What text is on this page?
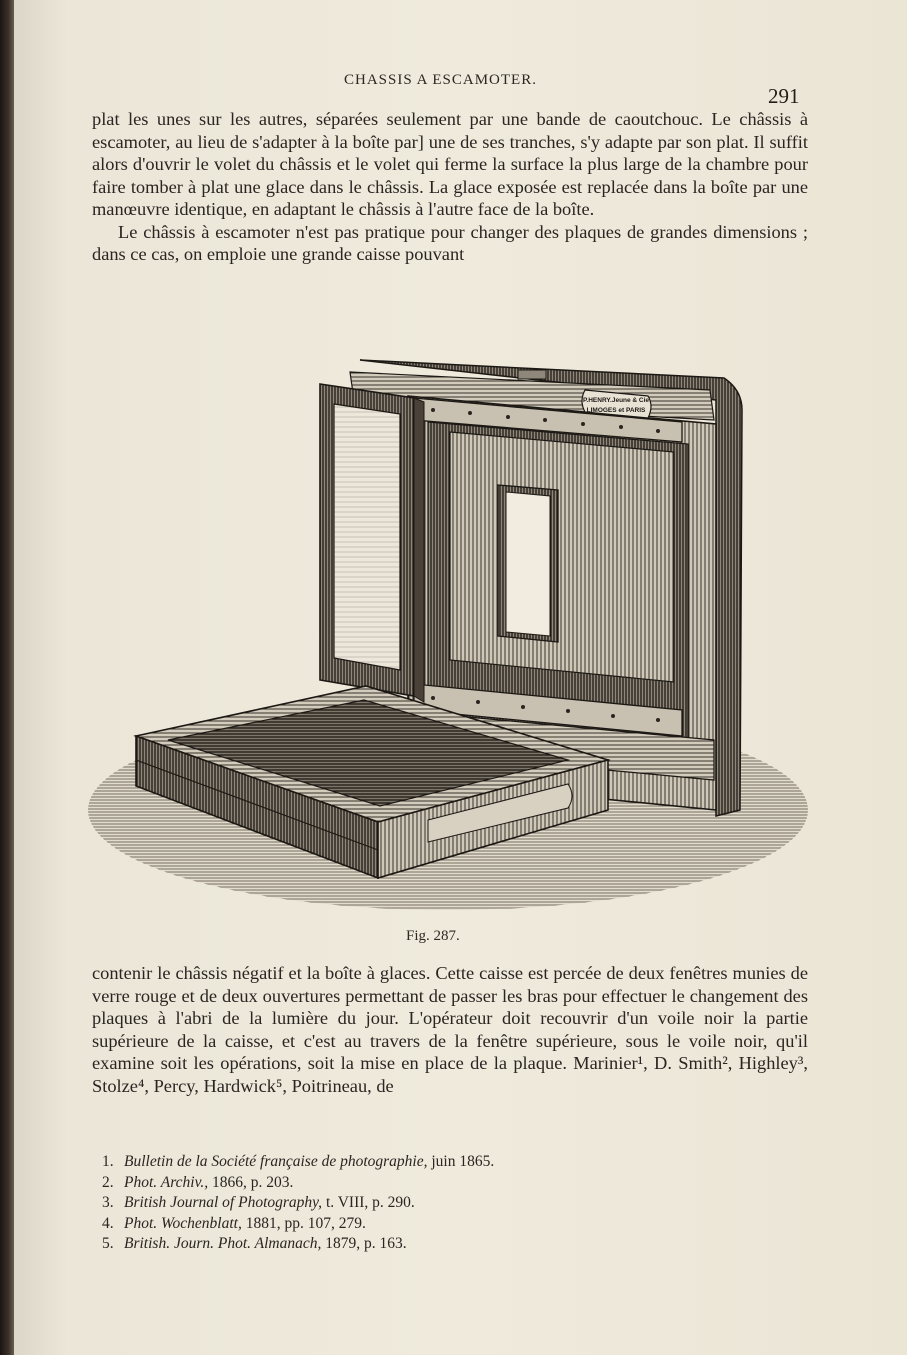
CHASSIS A ESCAMOTER.
291

plat les unes sur les autres, séparées seulement par une bande de caoutchouc. Le châssis à escamoter, au lieu de s'adapter à la boîte par] une de ses tranches, s'y adapte par son plat. Il suffit alors d'ouvrir le volet du châssis et le volet qui ferme la surface la plus large de la chambre pour faire tomber à plat une glace dans le châssis. La glace exposée est replacée dans la boîte par une manœuvre identique, en adaptant le châssis à l'autre face de la boîte.

Le châssis à escamoter n'est pas pratique pour changer des plaques de grandes dimensions ; dans ce cas, on emploie une grande caisse pouvant

P.HENRY.Jeune & Cie
LIMOGES et PARIS
Fig. 287.

contenir le châssis négatif et la boîte à glaces. Cette caisse est percée de deux fenêtres munies de verre rouge et de deux ouvertures permettant de passer les bras pour effectuer le changement des plaques à l'abri de la lumière du jour. L'opérateur doit recouvrir d'un voile noir la partie supérieure de la caisse, et c'est au travers de la fenêtre supérieure, sous le voile noir, qu'il examine soit les opérations, soit la mise en place de la plaque. Marinier¹, D. Smith², Highley³, Stolze⁴, Percy, Hardwick⁵, Poitrineau, de

1. Bulletin de la Société française de photographie, juin 1865.
2. Phot. Archiv., 1866, p. 203.
3. British Journal of Photography, t. VIII, p. 290.
4. Phot. Wochenblatt, 1881, pp. 107, 279.
5. British. Journ. Phot. Almanach, 1879, p. 163.
